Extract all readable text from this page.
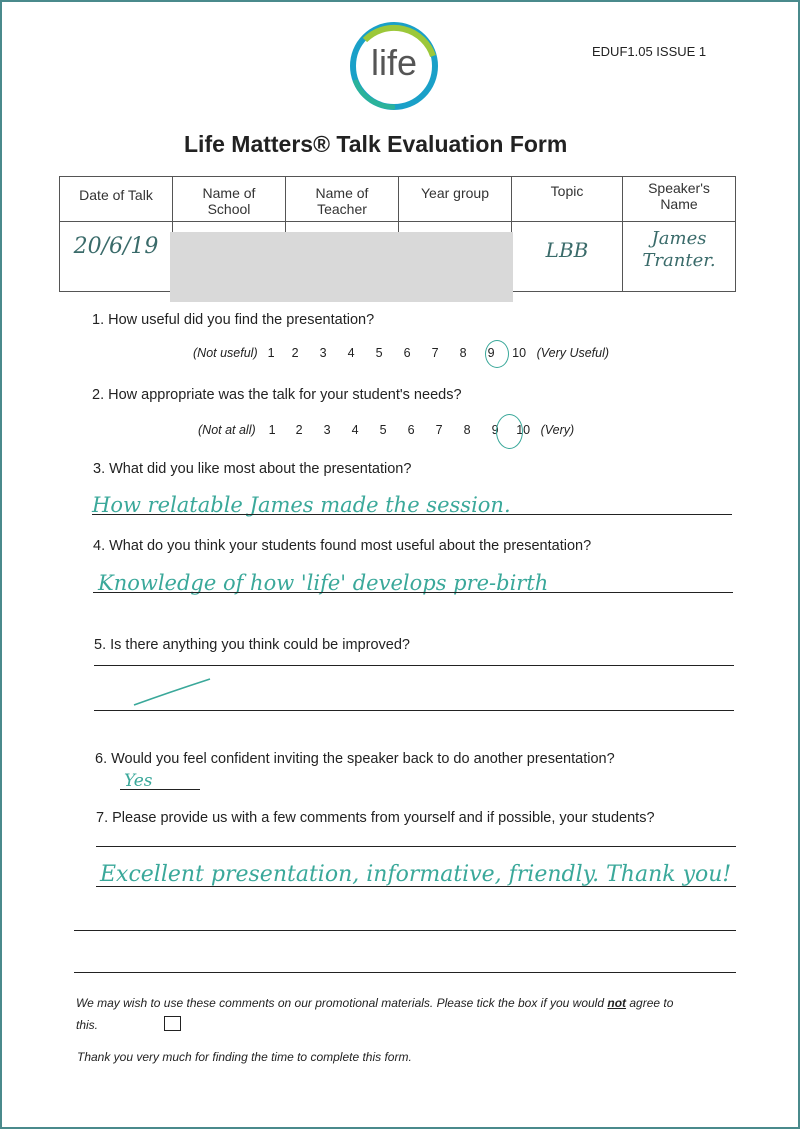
life	EDUF1.05 ISSUE 1
Life Matters® Talk Evaluation Form
Date of Talk	Name of School	Name of Teacher	Year group	Topic	Speaker's Name

20/6/19				LBB	James Tranter.
1. How useful did you find the presentation?
(Not useful) 1 2 3 4 5 6 7 8 9 10 (Very Useful)
2. How appropriate was the talk for your student's needs?
(Not at all) 1 2 3 4 5 6 7 8 9 10 (Very)
3. What did you like most about the presentation?
How relatable James made the session.
4. What do you think your students found most useful about the presentation?
Knowledge of how 'life' develops pre-birth
5. Is there anything you think could be improved?
6. Would you feel confident inviting the speaker back to do another presentation?
Yes
7. Please provide us with a few comments from yourself and if possible, your students?
Excellent presentation, informative, friendly. Thank you!
We may wish to use these comments on our promotional materials. Please tick the box if you would not agree to
this.
Thank you very much for finding the time to complete this form.
